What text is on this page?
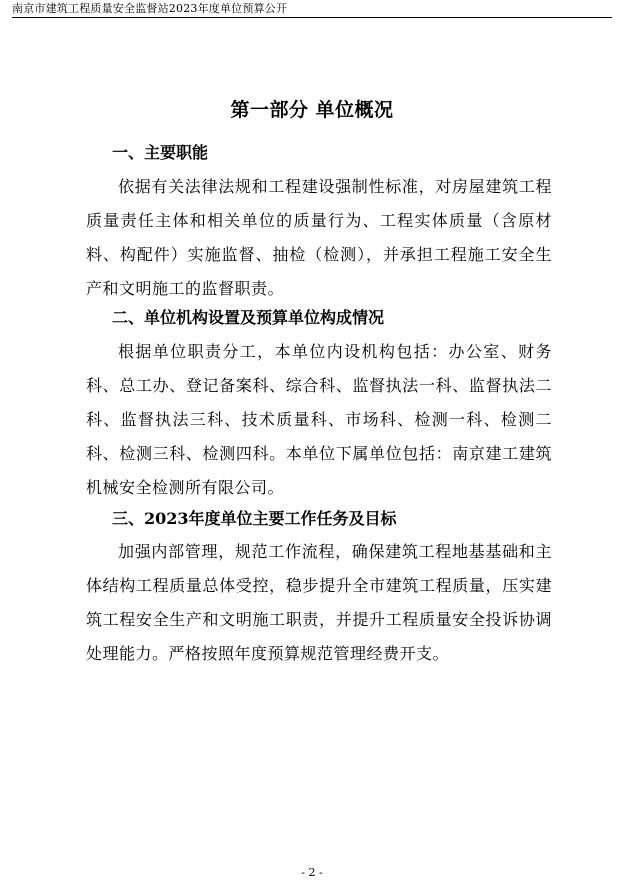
南京市建筑工程质量安全监督站2023年度单位预算公开
第一部分 单位概况
一、主要职能
依据有关法律法规和工程建设强制性标准，对房屋建筑工程质量责任主体和相关单位的质量行为、工程实体质量（含原材料、构配件）实施监督、抽检（检测），并承担工程施工安全生产和文明施工的监督职责。
二、单位机构设置及预算单位构成情况
根据单位职责分工，本单位内设机构包括：办公室、财务科、总工办、登记备案科、综合科、监督执法一科、监督执法二科、监督执法三科、技术质量科、市场科、检测一科、检测二科、检测三科、检测四科。本单位下属单位包括：南京建工建筑机械安全检测所有限公司。
三、2023年度单位主要工作任务及目标
加强内部管理，规范工作流程，确保建筑工程地基基础和主体结构工程质量总体受控，稳步提升全市建筑工程质量，压实建筑工程安全生产和文明施工职责，并提升工程质量安全投诉协调处理能力。严格按照年度预算规范管理经费开支。
- 2 -
